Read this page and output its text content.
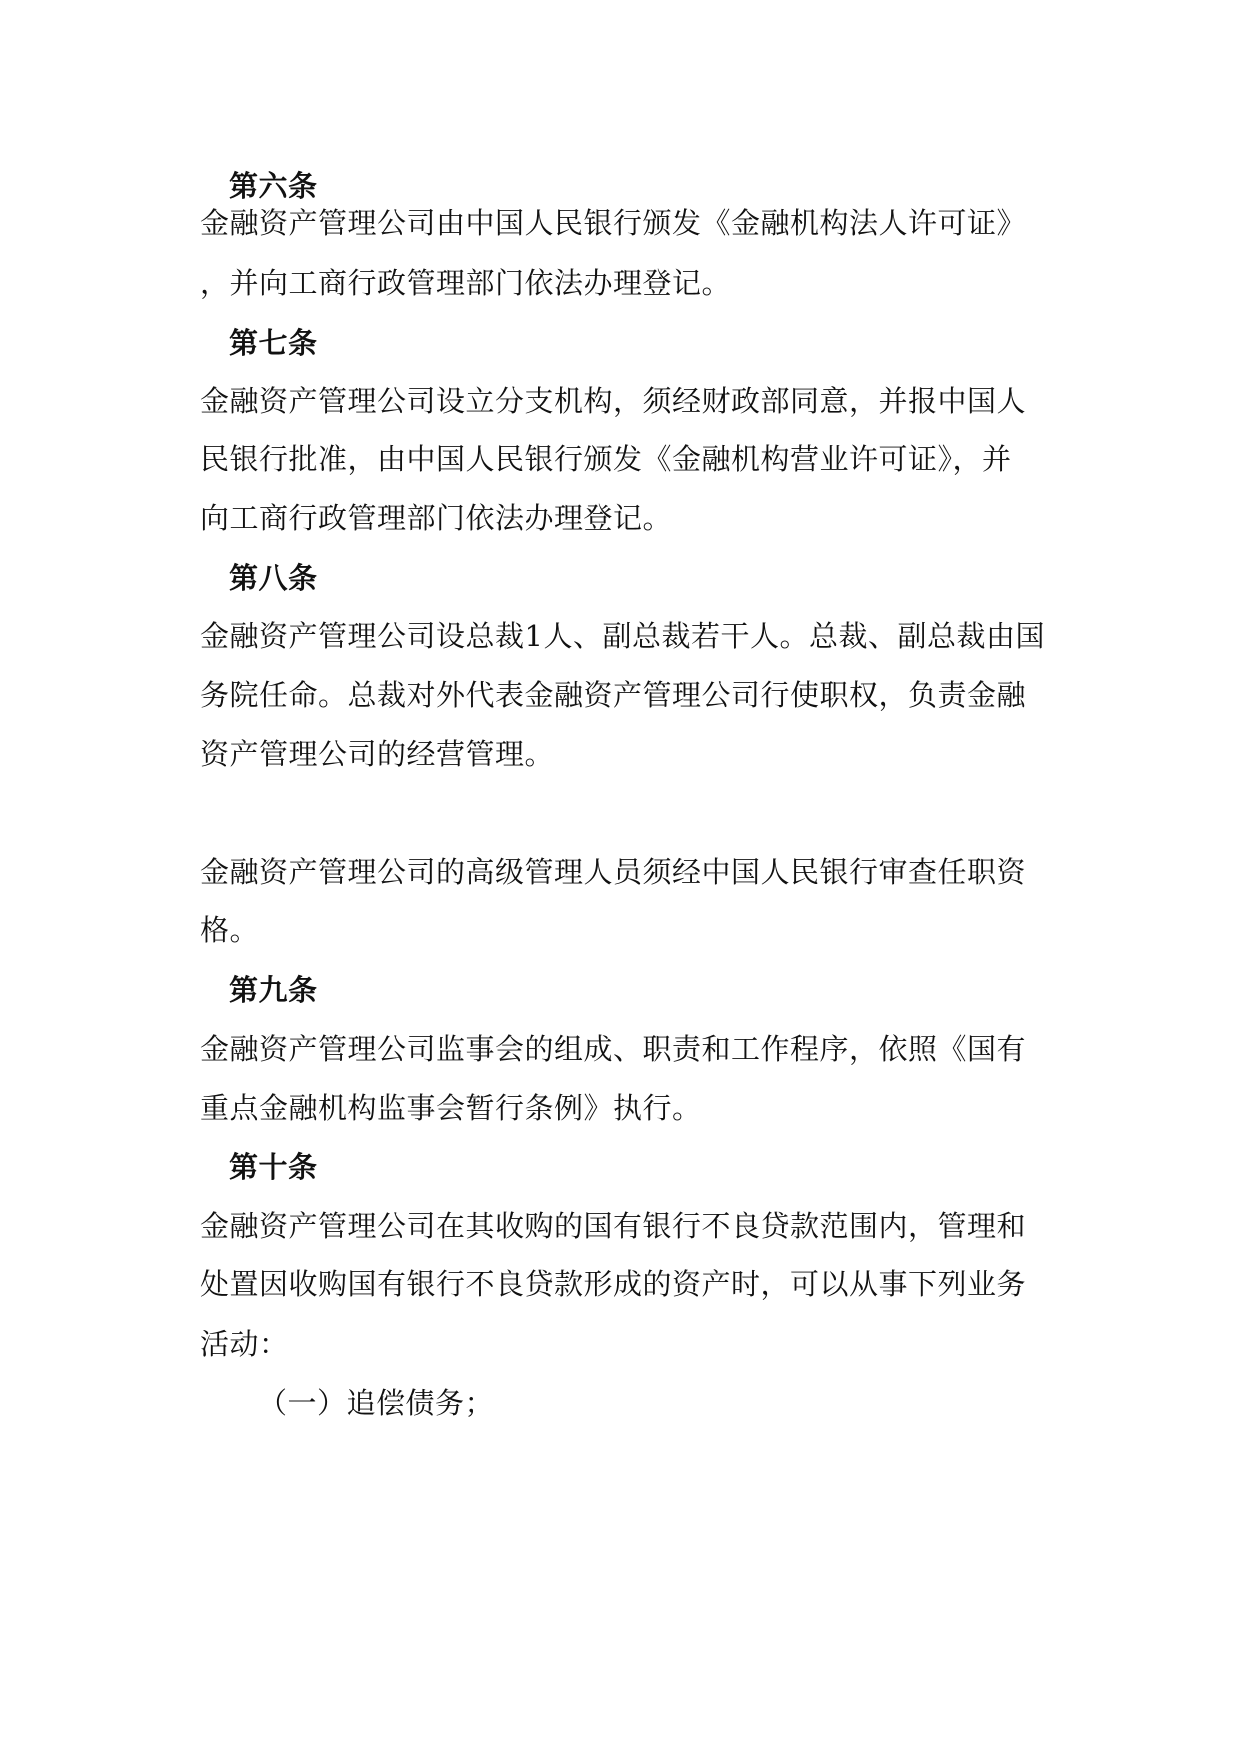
第六条
金融资产管理公司由中国人民银行颁发《金融机构法人许可证》
，并向工商行政管理部门依法办理登记。
第七条
金融资产管理公司设立分支机构，须经财政部同意，并报中国人
民银行批准，由中国人民银行颁发《金融机构营业许可证》，并
向工商行政管理部门依法办理登记。
第八条
金融资产管理公司设总裁1人、副总裁若干人。总裁、副总裁由国
务院任命。总裁对外代表金融资产管理公司行使职权，负责金融
资产管理公司的经营管理。
金融资产管理公司的高级管理人员须经中国人民银行审查任职资
格。
第九条
金融资产管理公司监事会的组成、职责和工作程序，依照《国有
重点金融机构监事会暂行条例》执行。
第十条
金融资产管理公司在其收购的国有银行不良贷款范围内，管理和
处置因收购国有银行不良贷款形成的资产时，可以从事下列业务
活动：
（一）追偿债务；
